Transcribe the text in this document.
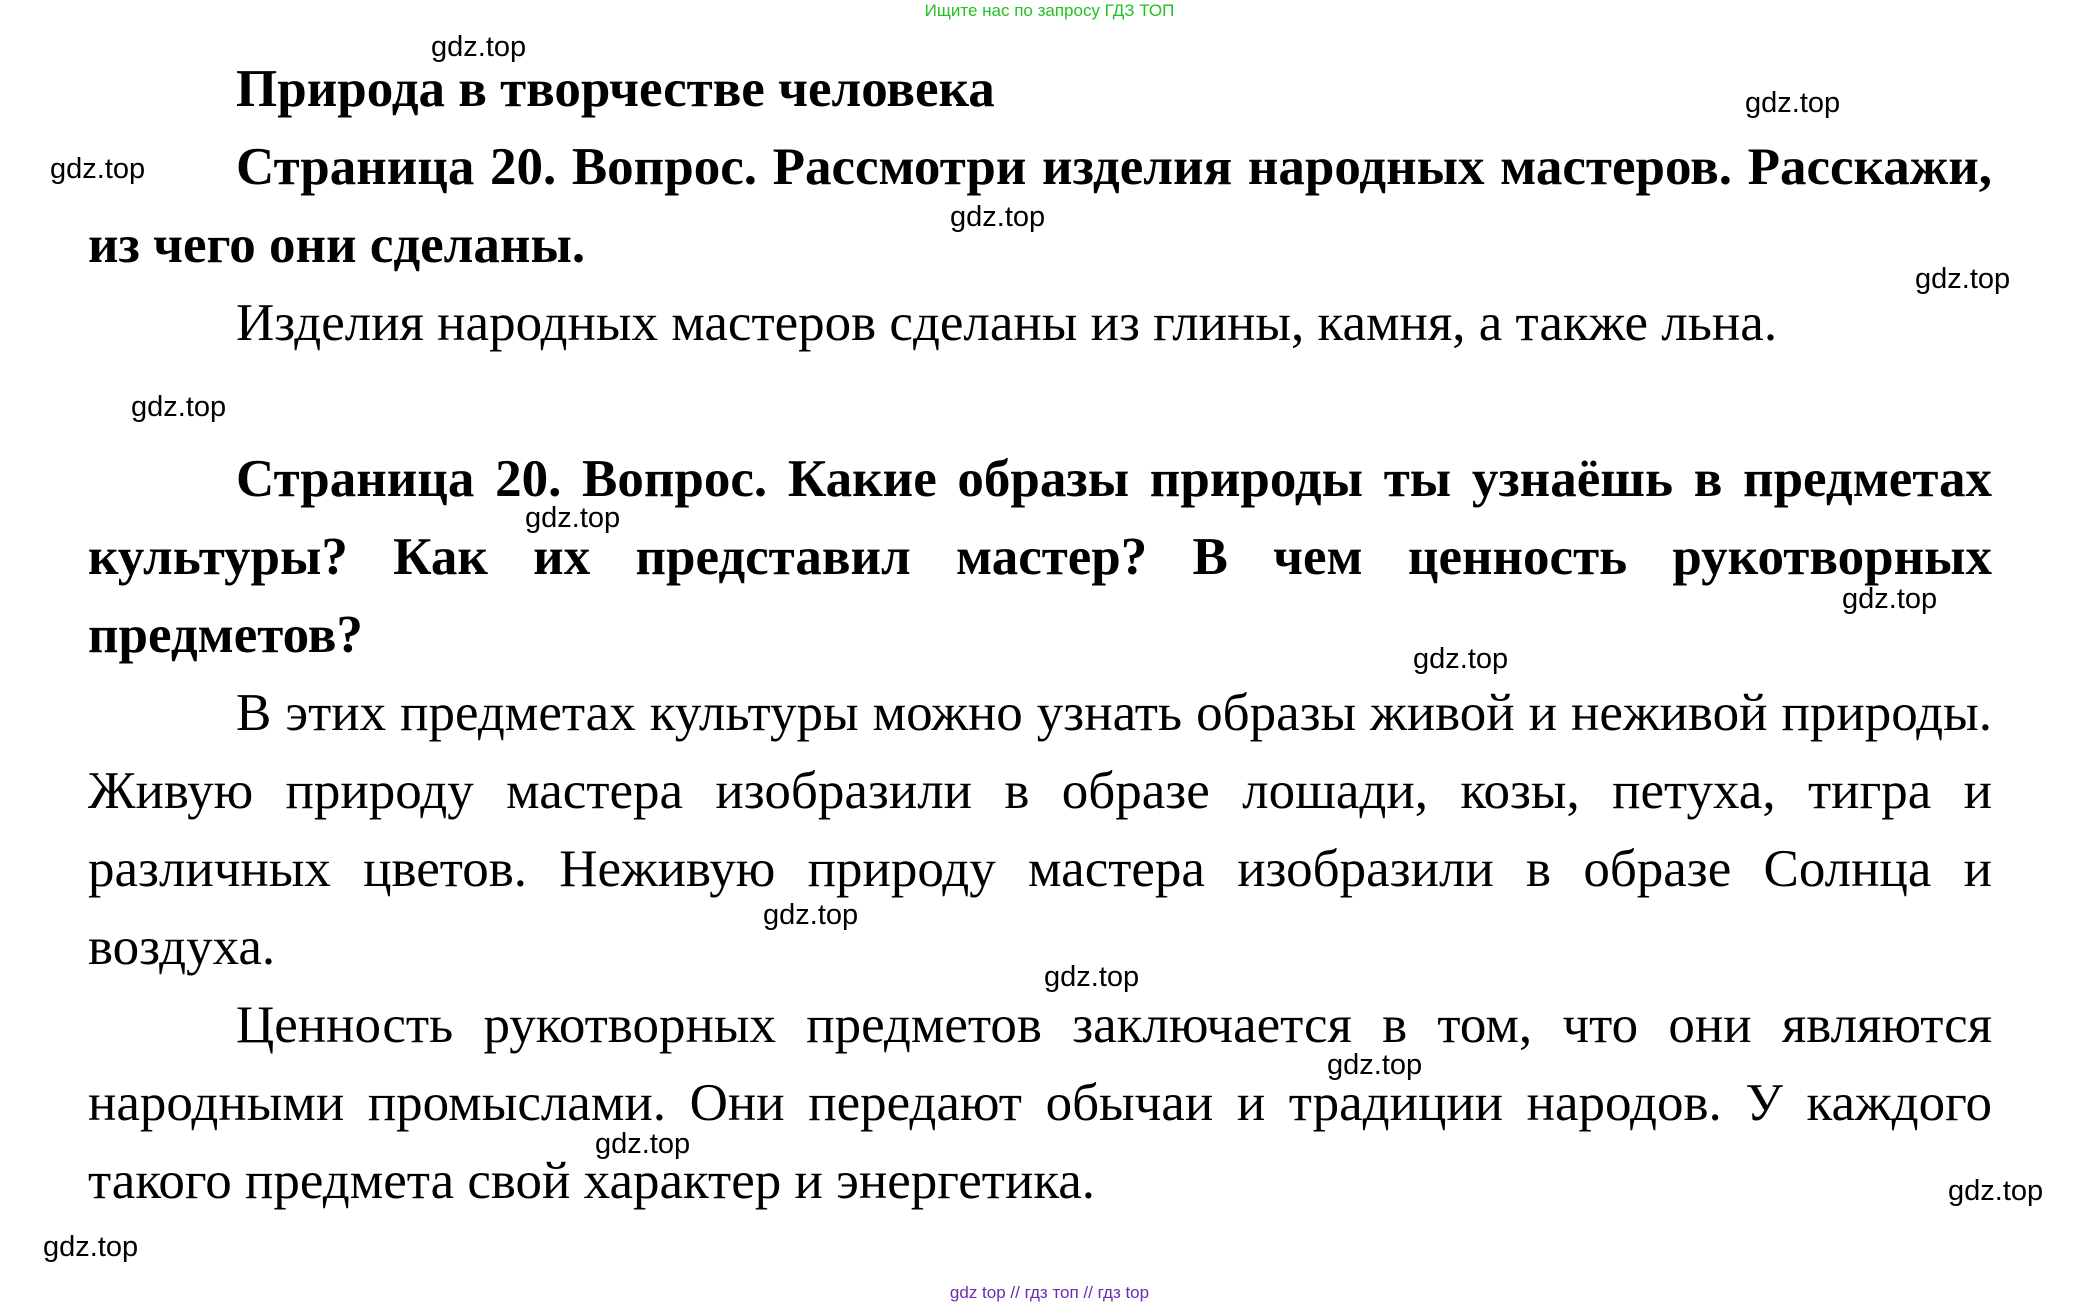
Ищите нас по запросу ГДЗ ТОП

Природа в творчестве человека

Страница 20. Вопрос. Рассмотри изделия народных мастеров. Расскажи, из чего они сделаны.

Изделия народных мастеров сделаны из глины, камня, а также льна.

Страница 20. Вопрос. Какие образы природы ты узнаёшь в предметах культуры? Как их представил мастер? В чем ценность рукотворных предметов?

В этих предметах культуры можно узнать образы живой и неживой природы. Живую природу мастера изобразили в образе лошади, козы, петуха, тигра и различных цветов. Неживую природу мастера изобразили в образе Солнца и воздуха.

Ценность рукотворных предметов заключается в том, что они являются народными промыслами. Они передают обычаи и традиции народов. У каждого такого предмета свой характер и энергетика.

gdz.top
gdz.top
gdz.top
gdz.top
gdz.top
gdz.top
gdz.top
gdz.top
gdz.top
gdz.top
gdz.top
gdz.top
gdz.top
gdz.top
gdz.top
gdz top // гдз топ // гдз top
